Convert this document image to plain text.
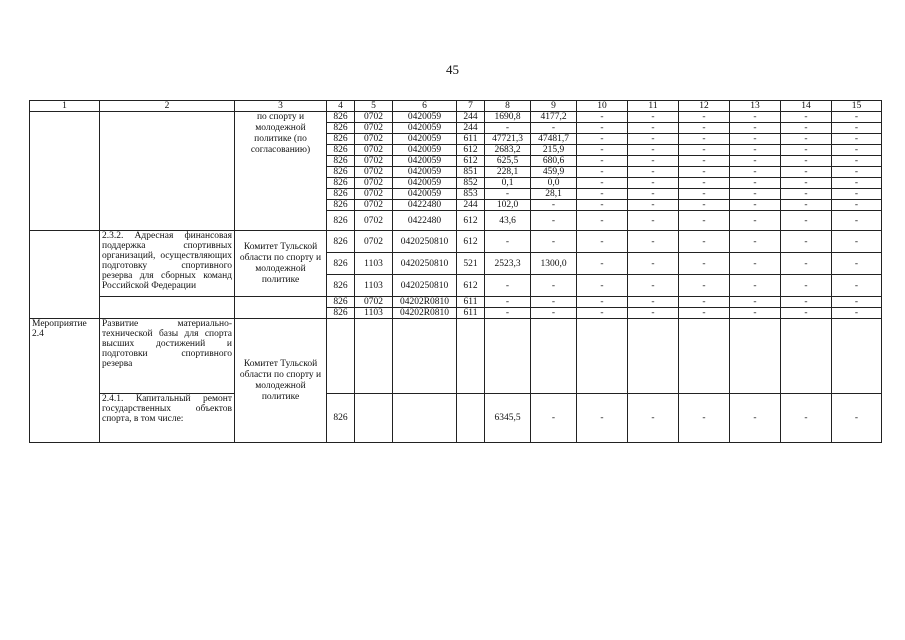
45
1	2	3	4	5	6	7	8	9	10	11	12	13	14	15
		по спорту и молодежной политике (по согласованию)	826	0702	0420059	244	1690,8	4177,2	-	-	-	-	-	-
			826	0702	0420059	244	-	-	-	-	-	-	-	-
			826	0702	0420059	611	47721,3	47481,7	-	-	-	-	-	-
			826	0702	0420059	612	2683,2	215,9	-	-	-	-	-	-
			826	0702	0420059	612	625,5	680,6	-	-	-	-	-	-
			826	0702	0420059	851	228,1	459,9	-	-	-	-	-	-
			826	0702	0420059	852	0,1	0,0	-	-	-	-	-	-
			826	0702	0420059	853	-	28,1	-	-	-	-	-	-
			826	0702	0422480	244	102,0	-	-	-	-	-	-	-
			826	0702	0422480	612	43,6	-	-	-	-	-	-	-
	2.3.2. Адресная финансовая поддержка спортивных организаций, осуществляющих подготовку спортивного резерва для сборных команд Российской Федерации	Комитет Тульской области по спорту и молодежной политике	826	0702	0420250810	612	-	-	-	-	-	-	-	-
			826	1103	0420250810	521	2523,3	1300,0	-	-	-	-	-	-
			826	1103	0420250810	612	-	-	-	-	-	-	-	-
			826	0702	04202R0810	611	-	-	-	-	-	-	-	-
			826	1103	04202R0810	611	-	-	-	-	-	-	-	-
Мероприятие 2.4	Развитие материально-технической базы для спорта высших достижений и подготовки спортивного резерва	Комитет Тульской области по спорту и молодежной политике												
	2.4.1. Капитальный ремонт государственных объектов спорта, в том числе:		826				6345,5	-	-	-	-	-	-	-
